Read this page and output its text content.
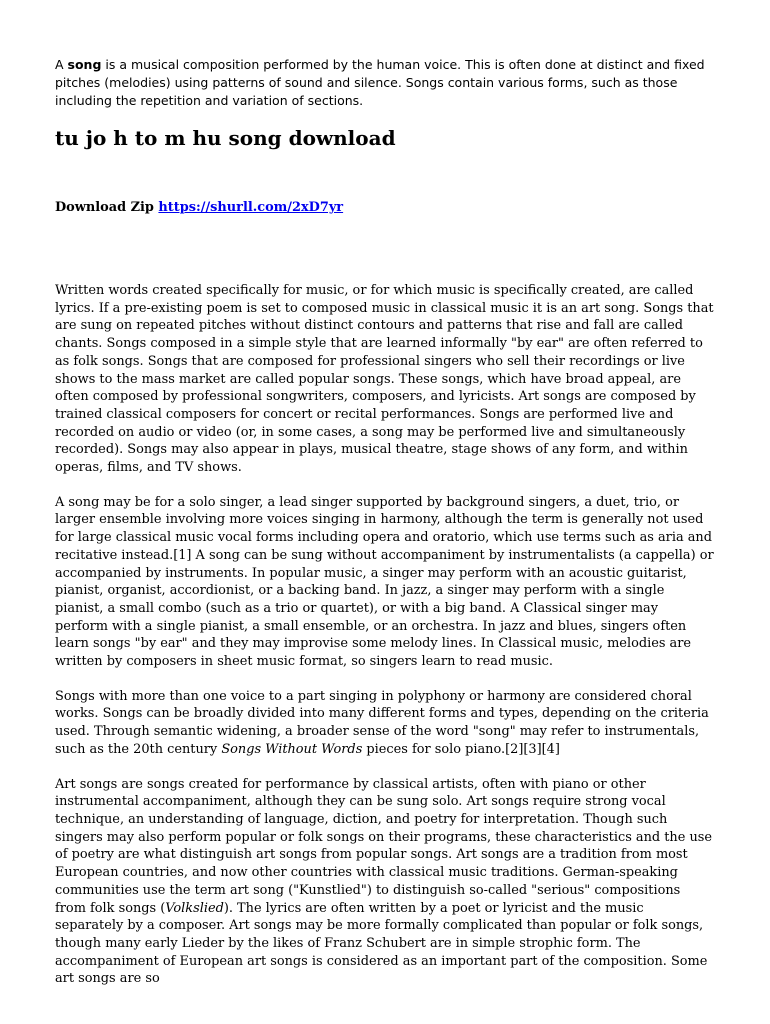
A song is a musical composition performed by the human voice. This is often done at distinct and fixed pitches (melodies) using patterns of sound and silence. Songs contain various forms, such as those including the repetition and variation of sections.

tu jo h to m hu song download
Download Zip https://shurll.com/2xD7yr

Written words created specifically for music, or for which music is specifically created, are called lyrics. If a pre-existing poem is set to composed music in classical music it is an art song. Songs that are sung on repeated pitches without distinct contours and patterns that rise and fall are called chants. Songs composed in a simple style that are learned informally "by ear" are often referred to as folk songs. Songs that are composed for professional singers who sell their recordings or live shows to the mass market are called popular songs. These songs, which have broad appeal, are often composed by professional songwriters, composers, and lyricists. Art songs are composed by trained classical composers for concert or recital performances. Songs are performed live and recorded on audio or video (or, in some cases, a song may be performed live and simultaneously recorded). Songs may also appear in plays, musical theatre, stage shows of any form, and within operas, films, and TV shows.

A song may be for a solo singer, a lead singer supported by background singers, a duet, trio, or larger ensemble involving more voices singing in harmony, although the term is generally not used for large classical music vocal forms including opera and oratorio, which use terms such as aria and recitative instead.[1] A song can be sung without accompaniment by instrumentalists (a cappella) or accompanied by instruments. In popular music, a singer may perform with an acoustic guitarist, pianist, organist, accordionist, or a backing band. In jazz, a singer may perform with a single pianist, a small combo (such as a trio or quartet), or with a big band. A Classical singer may perform with a single pianist, a small ensemble, or an orchestra. In jazz and blues, singers often learn songs "by ear" and they may improvise some melody lines. In Classical music, melodies are written by composers in sheet music format, so singers learn to read music.

Songs with more than one voice to a part singing in polyphony or harmony are considered choral works. Songs can be broadly divided into many different forms and types, depending on the criteria used. Through semantic widening, a broader sense of the word "song" may refer to instrumentals, such as the 20th century Songs Without Words pieces for solo piano.[2][3][4]

Art songs are songs created for performance by classical artists, often with piano or other instrumental accompaniment, although they can be sung solo. Art songs require strong vocal technique, an understanding of language, diction, and poetry for interpretation. Though such singers may also perform popular or folk songs on their programs, these characteristics and the use of poetry are what distinguish art songs from popular songs. Art songs are a tradition from most European countries, and now other countries with classical music traditions. German-speaking communities use the term art song ("Kunstlied") to distinguish so-called "serious" compositions from folk songs (Volkslied). The lyrics are often written by a poet or lyricist and the music separately by a composer. Art songs may be more formally complicated than popular or folk songs, though many early Lieder by the likes of Franz Schubert are in simple strophic form. The accompaniment of European art songs is considered as an important part of the composition. Some art songs are so
